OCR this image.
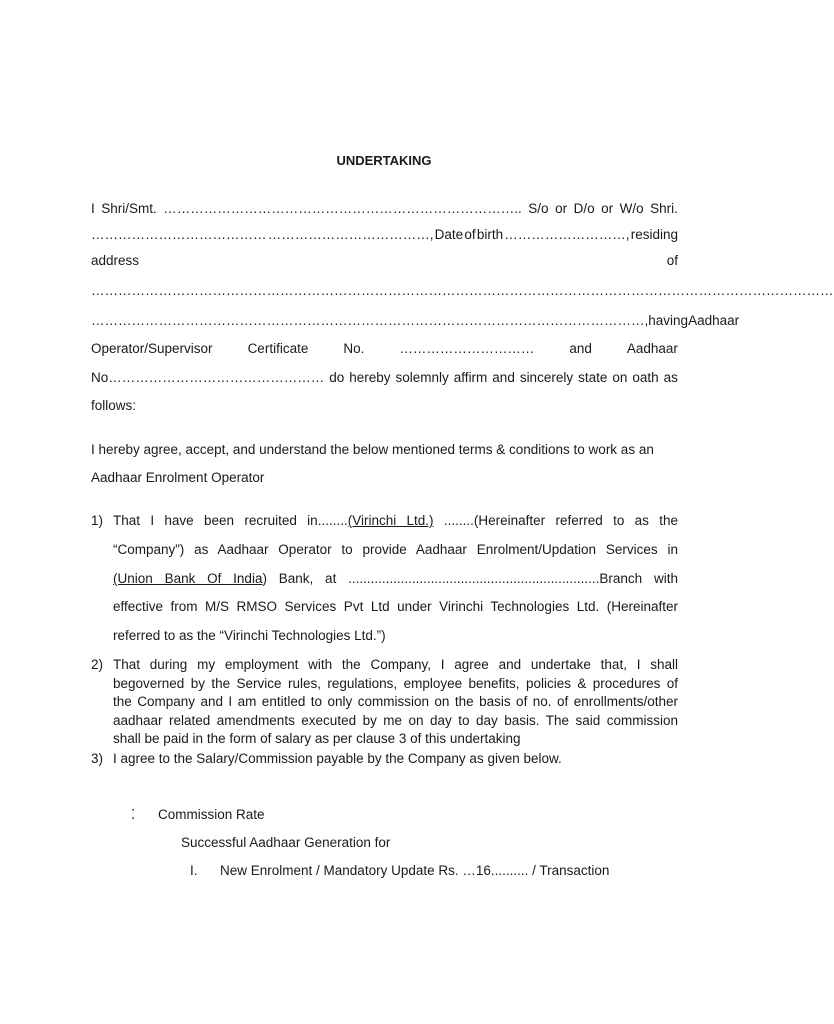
UNDERTAKING
I Shri/Smt. …………………………………………………………………….. S/o or D/o or W/o Shri.
………………………………… ………………………………, Date of birth ………………………, residing
address	of
…………………………………………………………………………………………………………………………………………………
……………………………………………………………………………………………………………, having Aadhaar
Operator/Supervisor	Certificate	No.	…………………………	and	Aadhaar
No………………………………………… do hereby solemnly affirm and sincerely state on oath as
follows:
I hereby agree, accept, and understand the below mentioned terms & conditions to work as an
Aadhaar Enrolment Operator
1) That I have been recruited in........(Virinchi Ltd.) ........(Hereinafter referred to as the
“Company”) as Aadhaar Operator to provide Aadhaar Enrolment/Updation Services in
(Union Bank Of India) Bank, at ...................................................................Branch with
effective from M/S RMSO Services Pvt Ltd under Virinchi Technologies Ltd. (Hereinafter
referred to as the “Virinchi Technologies Ltd.”)
2) That during my employment with the Company, I agree and undertake that, I shall
begoverned by the Service rules, regulations, employee benefits, policies & procedures of
the Company and I am entitled to only commission on the basis of no. of enrollments/other
aadhaar related amendments executed by me on day to day basis. The said commission
shall be paid in the form of salary as per clause 3 of this undertaking
3) I agree to the Salary/Commission payable by the Company as given below.
⁚ Commission Rate
Successful Aadhaar Generation for
I. New Enrolment / Mandatory Update Rs. …16.......... / Transaction
